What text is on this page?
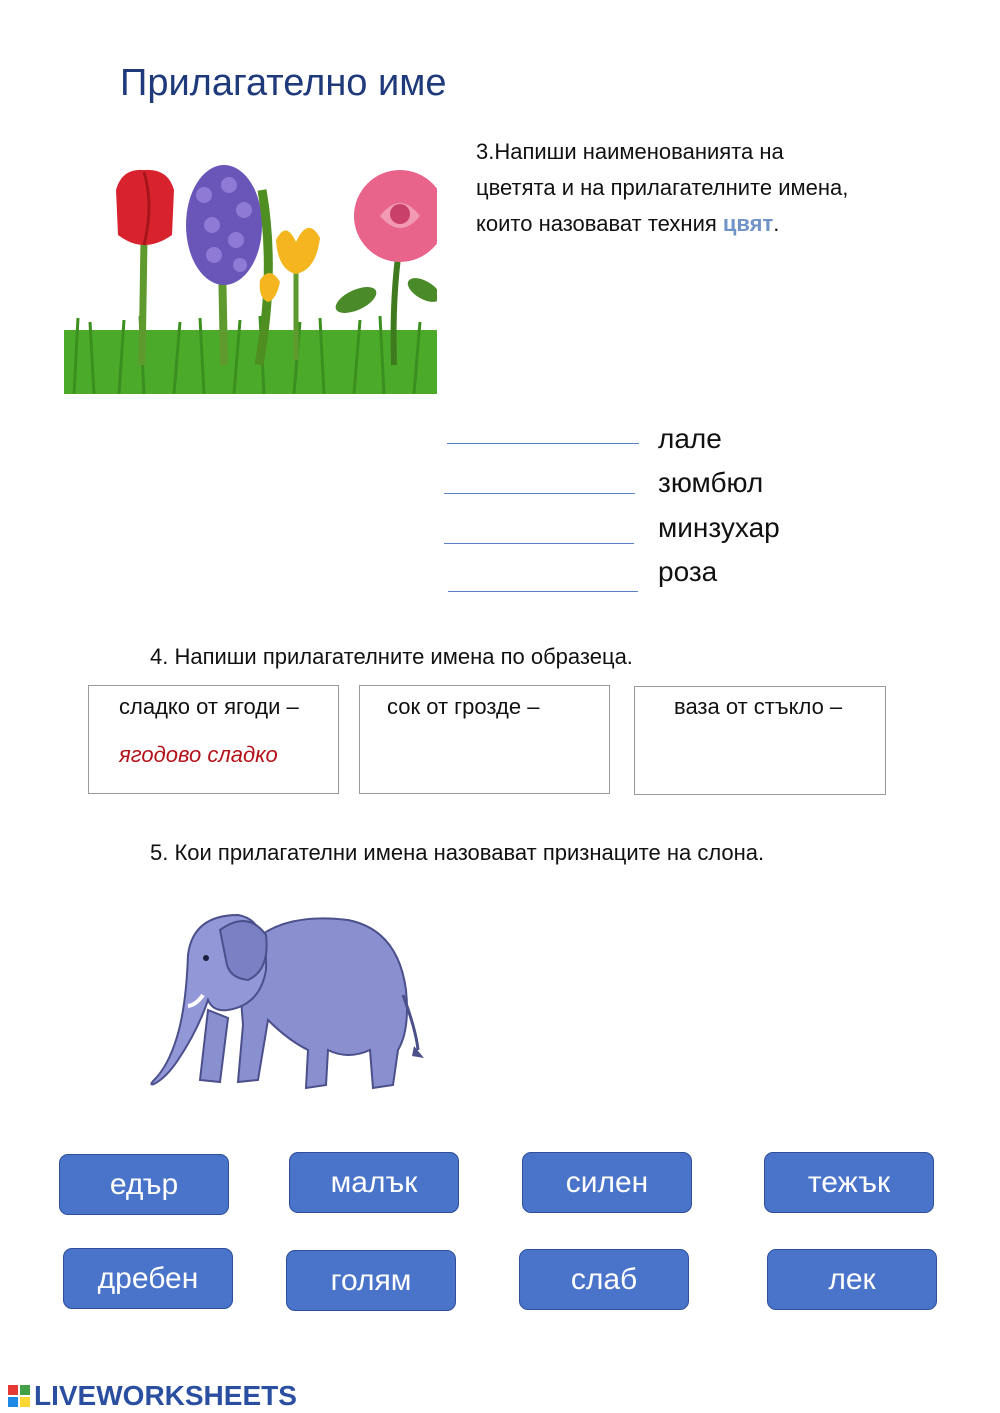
Прилагателно име
3.Напиши наименованията на цветята и на прилагателните имена, които назовават техния цвят.
лале
зюмбюл
минзухар
роза
4. Напиши прилагателните имена по образеца.
сладко от ягоди –
ягодово сладко
сок от грозде –	ваза от стъкло –
5. Кои прилагателни имена назовават признаците на слона.
едър	малък	силен	тежък
дребен	голям	слаб	лек
LIVEWORKSHEETS
